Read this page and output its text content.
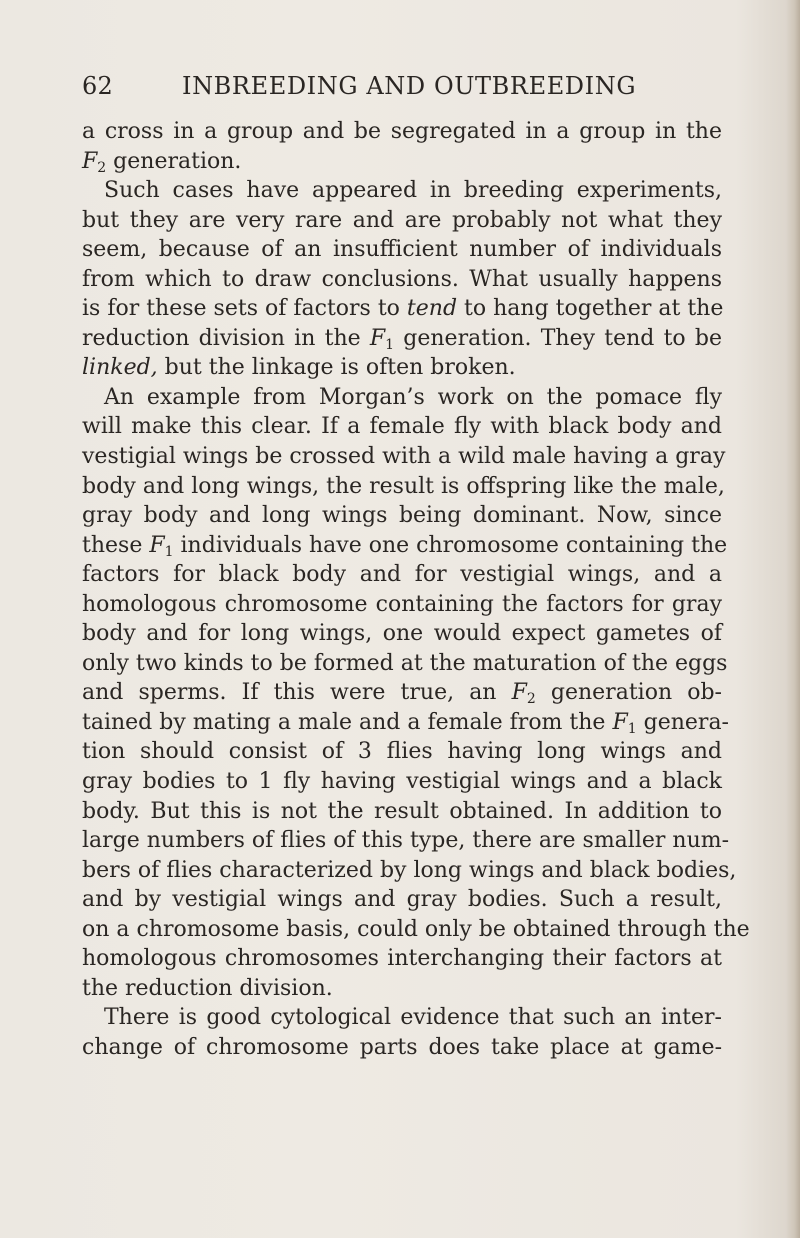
62	INBREEDING AND OUTBREEDING
a cross in a group and be segregated in a group in the
$F_2$ generation.
Such cases have appeared in breeding experiments,
but they are very rare and are probably not what they
seem, because of an insufficient number of individuals
from which to draw conclusions. What usually happens
is for these sets of factors to tend to hang together at the
reduction division in the $F_1$ generation. They tend to be
linked, but the linkage is often broken.
An example from Morgan’s work on the pomace fly
will make this clear. If a female fly with black body and
vestigial wings be crossed with a wild male having a gray
body and long wings, the result is offspring like the male,
gray body and long wings being dominant. Now, since
these $F_1$ individuals have one chromosome containing the
factors for black body and for vestigial wings, and a
homologous chromosome containing the factors for gray
body and for long wings, one would expect gametes of
only two kinds to be formed at the maturation of the eggs
and sperms. If this were true, an $F_2$ generation ob-
tained by mating a male and a female from the $F_1$ genera-
tion should consist of 3 flies having long wings and
gray bodies to 1 fly having vestigial wings and a black
body. But this is not the result obtained. In addition to
large numbers of flies of this type, there are smaller num-
bers of flies characterized by long wings and black bodies,
and by vestigial wings and gray bodies. Such a result,
on a chromosome basis, could only be obtained through the
homologous chromosomes interchanging their factors at
the reduction division.
There is good cytological evidence that such an inter-
change of chromosome parts does take place at game-
